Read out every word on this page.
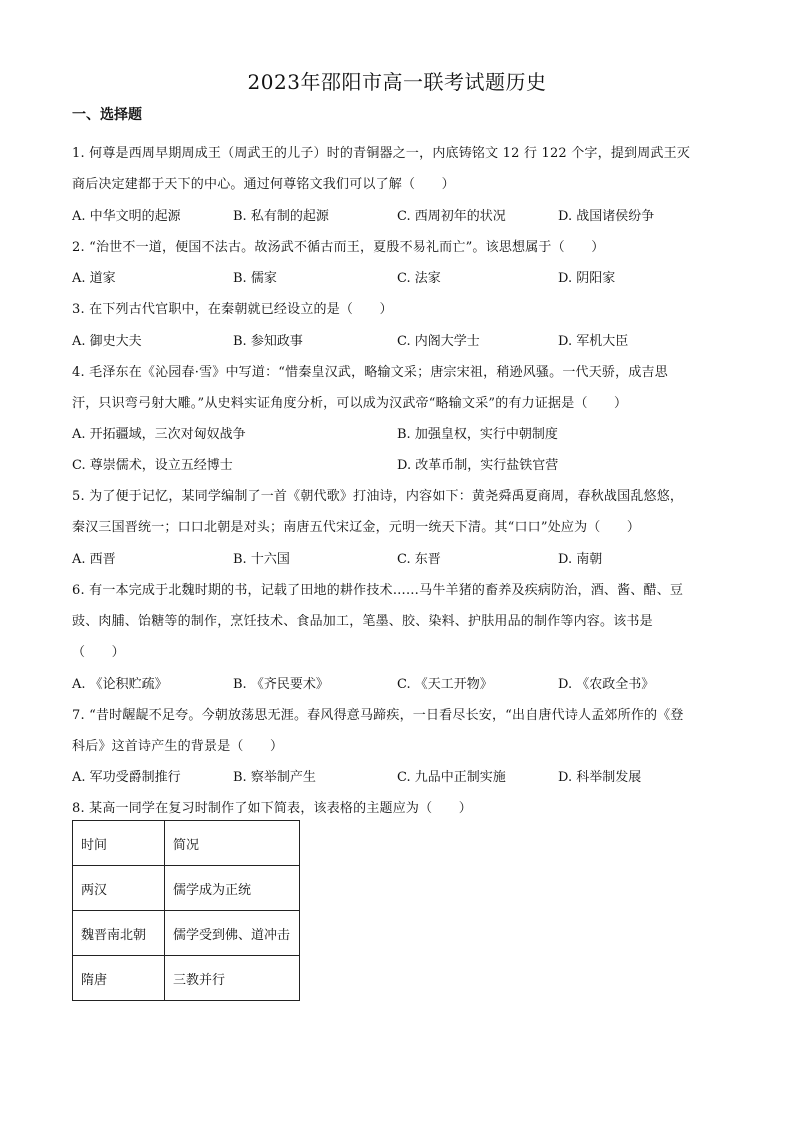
2023年邵阳市高一联考试题历史
一、选择题
1. 何尊是西周早期周成王（周武王的儿子）时的青铜器之一，内底铸铭文 12 行 122 个字，提到周武王灭
商后决定建都于天下的中心。通过何尊铭文我们可以了解（　　）
A. 中华文明的起源	B. 私有制的起源	C. 西周初年的状况	D. 战国诸侯纷争
2. “治世不一道，便国不法古。故汤武不循古而王，夏殷不易礼而亡”。该思想属于（　　）
A. 道家	B. 儒家	C. 法家	D. 阴阳家
3. 在下列古代官职中，在秦朝就已经设立的是（　　）
A. 御史大夫	B. 参知政事	C. 内阁大学士	D. 军机大臣
4. 毛泽东在《沁园春·雪》中写道：“惜秦皇汉武，略输文采；唐宗宋祖，稍逊风骚。一代天骄，成吉思
汗，只识弯弓射大雕。”从史料实证角度分析，可以成为汉武帝“略输文采”的有力证据是（　　）
A. 开拓疆域，三次对匈奴战争	B. 加强皇权，实行中朝制度
C. 尊崇儒术，设立五经博士	D. 改革币制，实行盐铁官营
5. 为了便于记忆，某同学编制了一首《朝代歌》打油诗，内容如下：黄尧舜禹夏商周，春秋战国乱悠悠，
秦汉三国晋统一；口口北朝是对头；南唐五代宋辽金，元明一统天下清。其“口口”处应为（　　）
A. 西晋	B. 十六国	C. 东晋	D. 南朝
6. 有一本完成于北魏时期的书，记载了田地的耕作技术……马牛羊猪的畜养及疾病防治，酒、酱、醋、豆
豉、肉脯、饴糖等的制作，烹饪技术、食品加工，笔墨、胶、染料、护肤用品的制作等内容。该书是
（　　）
A. 《论积贮疏》	B. 《齐民要术》	C. 《天工开物》	D. 《农政全书》
7. “昔时龌龊不足夸。今朝放荡思无涯。春风得意马蹄疾，一日看尽长安，“出自唐代诗人孟郊所作的《登
科后》这首诗产生的背景是（　　）
A. 军功受爵制推行	B. 察举制产生	C. 九品中正制实施	D. 科举制发展
8. 某高一同学在复习时制作了如下简表，该表格的主题应为（　　）
时间	简况
两汉	儒学成为正统
魏晋南北朝	儒学受到佛、道冲击
隋唐	三教并行
